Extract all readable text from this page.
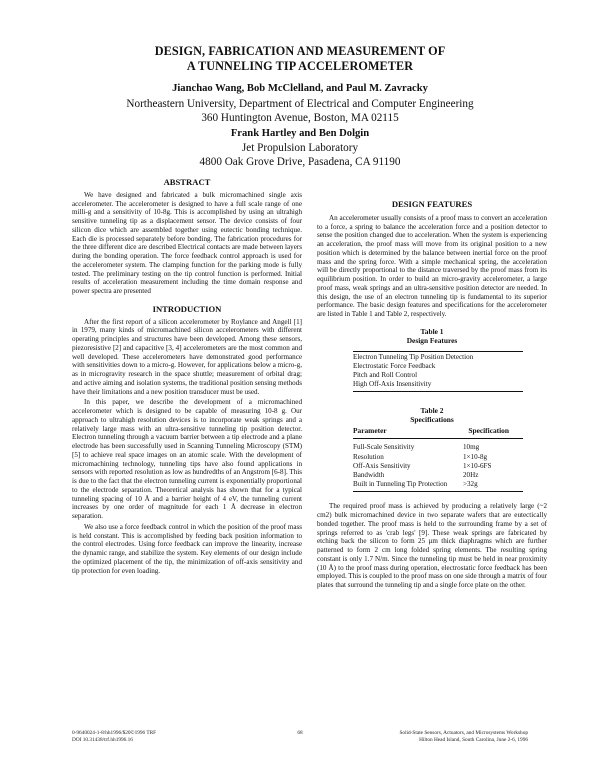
DESIGN, FABRICATION AND MEASUREMENT OF
A TUNNELING TIP ACCELEROMETER
Jianchao Wang, Bob McClelland, and Paul M. Zavracky
Northeastern University, Department of Electrical and Computer Engineering
360 Huntington Avenue, Boston, MA 02115
Frank Hartley and Ben Dolgin
Jet Propulsion Laboratory
4800 Oak Grove Drive, Pasadena, CA 91190
ABSTRACT

We have designed and fabricated a bulk micromachined single axis accelerometer. The accelerometer is designed to have a full scale range of one milli-g and a sensitivity of 10-8g. This is accomplished by using an ultrahigh sensitive tunneling tip as a displacement sensor. The device consists of four silicon dice which are assembled together using eutectic bonding technique. Each die is processed separately before bonding. The fabrication procedures for the three different dice are described Electrical contacts are made between layers during the bonding operation. The force feedback control approach is used for the accelerometer system. The clamping function for the parking mode is fully tested. The preliminary testing on the tip control function is performed. Initial results of acceleration measurement including the time domain response and power spectra are presented

INTRODUCTION

After the first report of a silicon accelerometer by Roylance and Angell [1] in 1979, many kinds of micromachined silicon accelerometers with different operating principles and structures have been developed. Among these sensors, piezoresistive [2] and capacitive [3, 4] accelerometers are the most common and well developed. These accelerometers have demonstrated good performance with sensitivities down to a micro-g. However, for applications below a micro-g, as in microgravity research in the space shuttle; measurement of orbital drag; and active aiming and isolation systems, the traditional position sensing methods have their limitations and a new position transducer must be used.

In this paper, we describe the development of a micromachined accelerometer which is designed to be capable of measuring 10-8 g. Our approach to ultrahigh resolution devices is to incorporate weak springs and a relatively large mass with an ultra-sensitive tunneling tip position detector. Electron tunneling through a vacuum barrier between a tip electrode and a plane electrode has been successfully used in Scanning Tunneling Microscopy (STM)[5] to achieve real space images on an atomic scale. With the development of micromachining technology, tunneling tips have also found applications in sensors with reported resolution as low as hundredths of an Angstrom [6-8]. This is due to the fact that the electron tunneling current is exponentially proportional to the electrode separation. Theoretical analysis has shown that for a typical tunneling spacing of 10 Å and a barrier height of 4 eV, the tunneling current increases by one order of magnitude for each 1 Å decrease in electron separation.

We also use a force feedback control in which the position of the proof mass is held constant. This is accomplished by feeding back position information to the control electrodes. Using force feedback can improve the linearity, increase the dynamic range, and stabilize the system. Key elements of our design include the optimized placement of the tip, the minimization of off-axis sensitivity and tip protection for even loading.

DESIGN FEATURES

An accelerometer usually consists of a proof mass to convert an acceleration to a force, a spring to balance the acceleration force and a position detector to sense the position changed due to acceleration. When the system is experiencing an acceleration, the proof mass will move from its original position to a new position which is determined by the balance between inertial force on the proof mass and the spring force. With a simple mechanical spring, the acceleration will be directly proportional to the distance traversed by the proof mass from its equilibrium position. In order to build an micro-gravity accelerometer, a large proof mass, weak springs and an ultra-sensitive position detector are needed. In this design, the use of an electron tunneling tip is fundamental to its superior performance. The basic design features and specifications for the accelerometer are listed in Table 1 and Table 2, respectively.

Table 1
Design Features
Electron Tunneling Tip Position Detection
Electrostatic Force Feedback
Pitch and Roll Control
High Off-Axis Insensitivity
Table 2
Specifications
Parameter	Specification
Full-Scale Sensitivity	10mg
Resolution	1×10-8g
Off-Axis Sensitivity	1×10-6FS
Bandwidth	20Hz
Built in Tunneling Tip Protection	>32g

The required proof mass is achieved by producing a relatively large (~2 cm2) bulk micromachined device in two separate wafers that are eutectically bonded together. The proof mass is held to the surrounding frame by a set of springs referred to as 'crab legs' [9]. These weak springs are fabricated by etching back the silicon to form 25 µm thick diaphragms which are further patterned to form 2 cm long folded spring elements. The resulting spring constant is only 1.7 N/m. Since the tunneling tip must be held in near proximity (10 Å) to the proof mass during operation, electrostatic force feedback has been employed. This is coupled to the proof mass on one side through a matrix of four plates that surround the tunneling tip and a single force plate on the other.

0-9640024-1-8/hh1996/$20©1996 TRF
DOI 10.31438/trf.hh1996.16
68	Solid-State Sensors, Actuators, and Microsystems Workshop
Hilton Head Island, South Carolina, June 2-6, 1996
